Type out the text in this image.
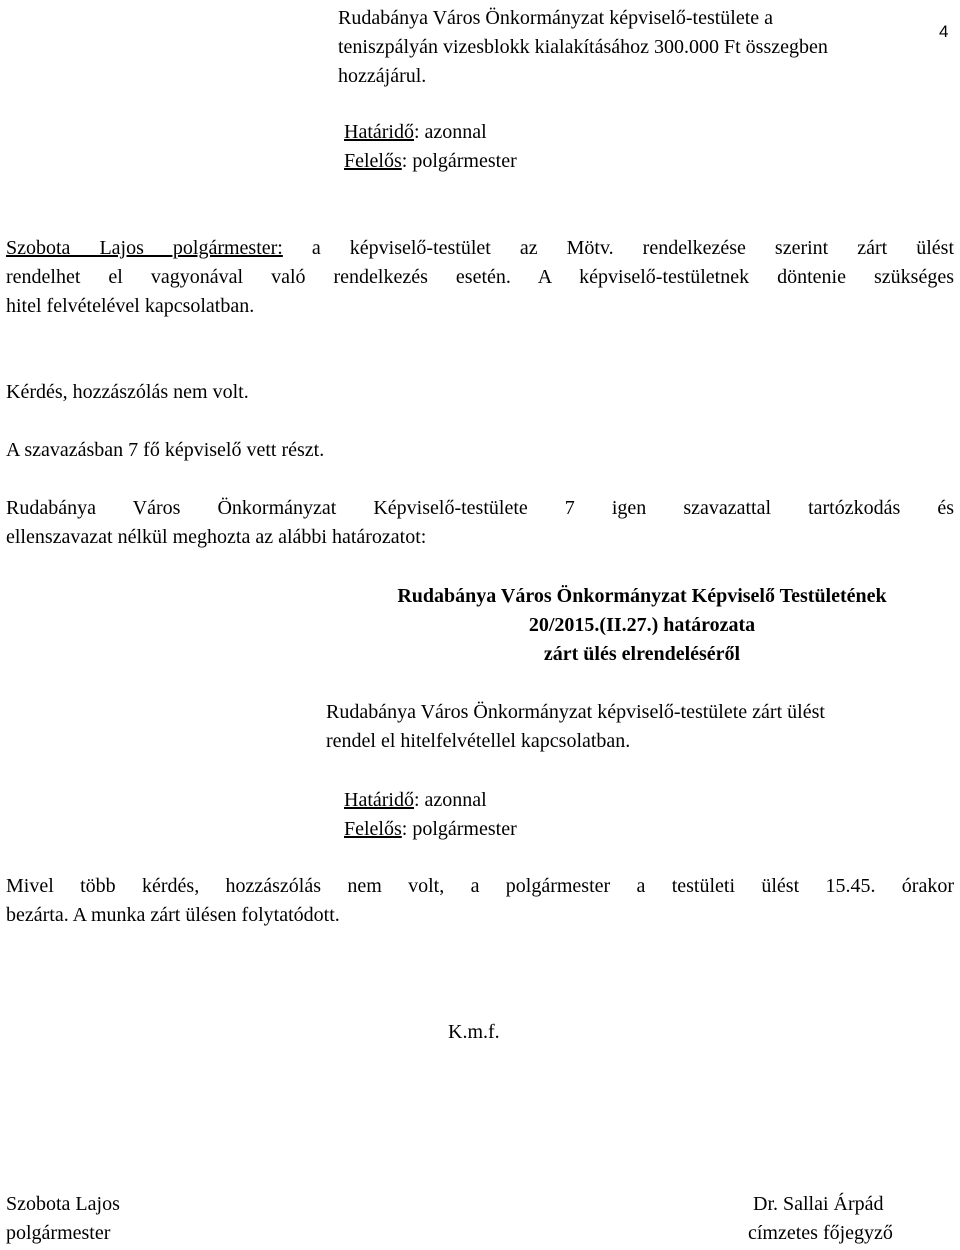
4
Rudabánya Város Önkormányzat képviselő-testülete a
teniszpályán vizesblokk kialakításához 300.000 Ft összegben
hozzájárul.
Határidő: azonnal
Felelős: polgármester
Szobota Lajos polgármester: a képviselő-testület az Mötv. rendelkezése szerint zárt ülést
rendelhet el vagyonával való rendelkezés esetén. A képviselő-testületnek döntenie szükséges
hitel felvételével kapcsolatban.
Kérdés, hozzászólás nem volt.
A szavazásban 7 fő képviselő vett részt.
Rudabánya Város Önkormányzat Képviselő-testülete 7 igen szavazattal tartózkodás és
ellenszavazat nélkül meghozta az alábbi határozatot:
Rudabánya Város Önkormányzat Képviselő Testületének
20/2015.(II.27.) határozata
zárt ülés elrendeléséről
Rudabánya Város Önkormányzat képviselő-testülete zárt ülést
rendel el hitelfelvétellel kapcsolatban.
Határidő: azonnal
Felelős: polgármester
Mivel több kérdés, hozzászólás nem volt, a polgármester a testületi ülést 15.45. órakor
bezárta. A munka zárt ülésen folytatódott.
K.m.f.
Szobota Lajos
polgármester
Dr. Sallai Árpád
címzetes főjegyző
